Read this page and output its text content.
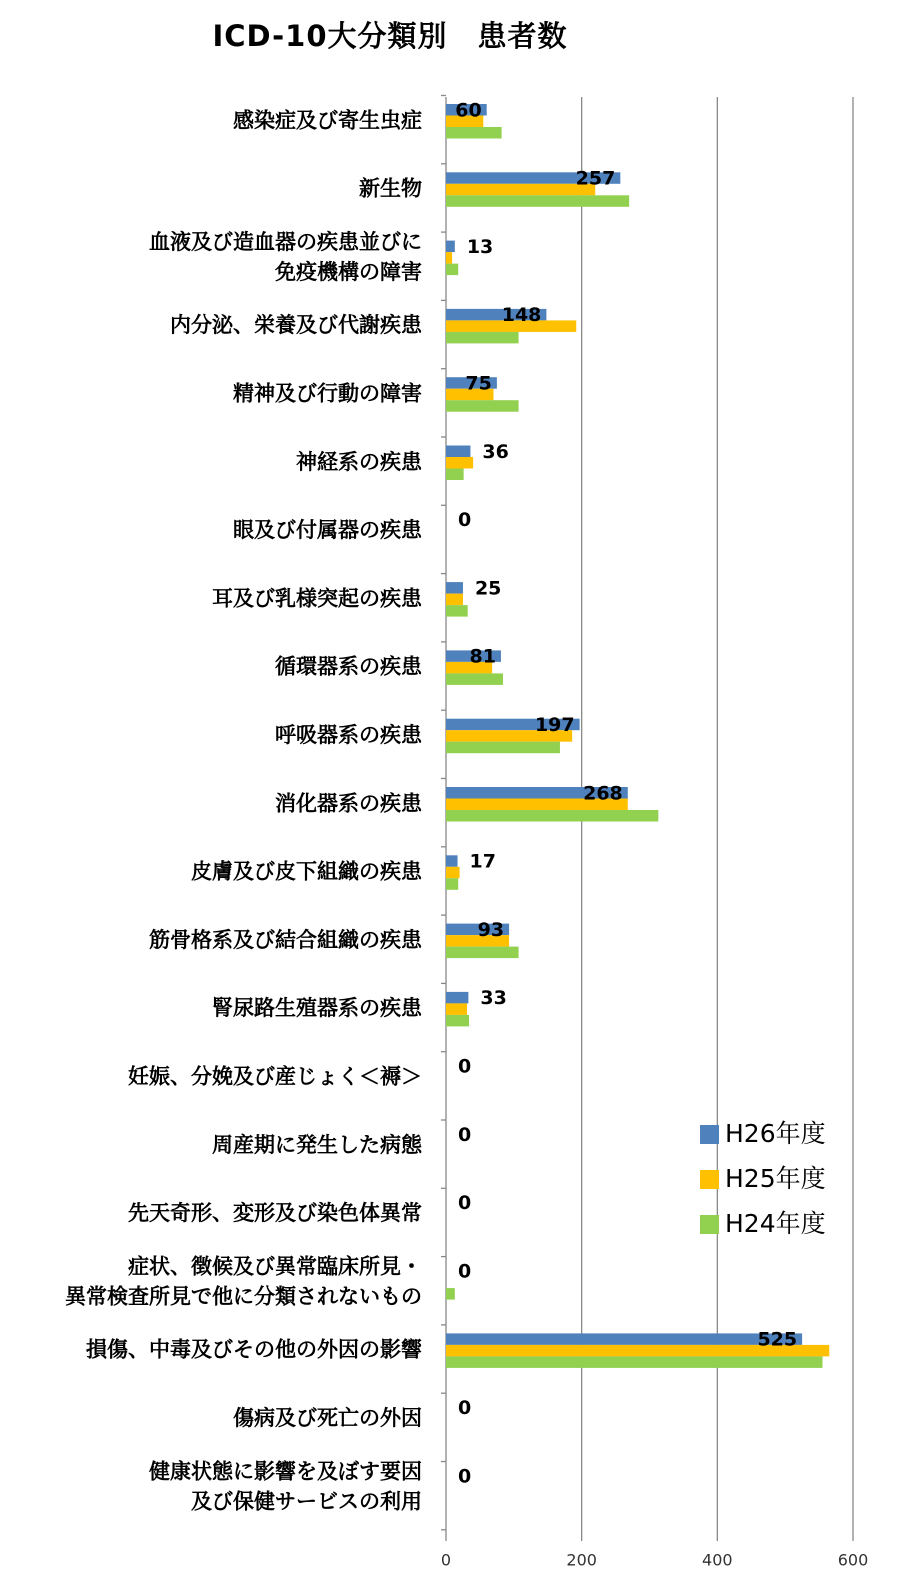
ICD-10大分類別　患者数
0	200	400	600
感染症及び寄生虫症
新生物
血液及び造血器の疾患並びに免疫機構の障害
内分泌、栄養及び代謝疾患
精神及び行動の障害
神経系の疾患
眼及び付属器の疾患
耳及び乳様突起の疾患
循環器系の疾患
呼吸器系の疾患
消化器系の疾患
皮膚及び皮下組織の疾患
筋骨格系及び結合組織の疾患
腎尿路生殖器系の疾患
妊娠、分娩及び産じょく＜褥＞
周産期に発生した病態
先天奇形、変形及び染色体異常
症状、徴候及び異常臨床所見・異常検査所見で他に分類されないもの
損傷、中毒及びその他の外因の影響
傷病及び死亡の外因
健康状態に影響を及ぼす要因及び保健サービスの利用
60
257
13
148
75
36
0
25
81
197
268
17
93
33
0
0
0
0
525
0
0
H26年度
H25年度
H24年度
